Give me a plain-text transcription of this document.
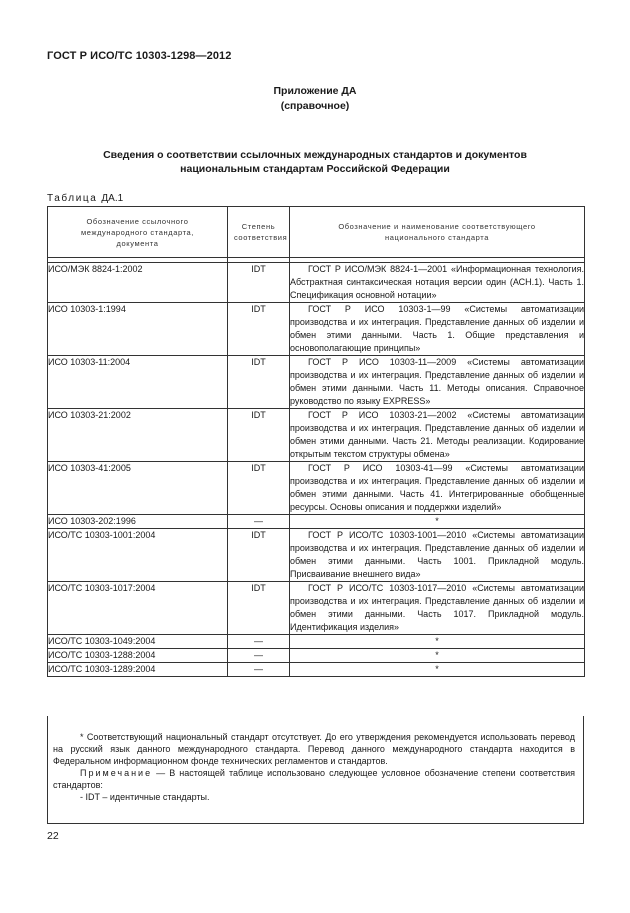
ГОСТ Р ИСО/ТС 10303-1298—2012
Приложение ДА
(справочное)
Сведения о соответствии ссылочных международных стандартов и документов
национальным стандартам Российской Федерации
Таблица ДА.1
Обозначение ссылочного международного стандарта, документа	Степень соответствия	Обозначение и наименование соответствующего национального стандарта

ИСО/МЭК 8824-1:2002	IDT	ГОСТ Р ИСО/МЭК 8824-1—2001 «Информационная технология. Абстрактная синтаксическая нотация версии один (АСН.1). Часть 1. Спецификация основной нотации»
ИСО 10303-1:1994	IDT	ГОСТ Р ИСО 10303-1—99 «Системы автоматизации производства и их интеграция. Представление данных об изделии и обмен этими данными. Часть 1. Общие представления и основополагающие принципы»
ИСО 10303-11:2004	IDT	ГОСТ Р ИСО 10303-11—2009 «Системы автоматизации производства и их интеграция. Представление данных об изделии и обмен этими данными. Часть 11. Методы описания. Справочное руководство по языку EXPRESS»
ИСО 10303-21:2002	IDT	ГОСТ Р ИСО 10303-21—2002 «Системы автоматизации производства и их интеграция. Представление данных об изделии и обмен этими данными. Часть 21. Методы реализации. Кодирование открытым текстом структуры обмена»
ИСО 10303-41:2005	IDT	ГОСТ Р ИСО 10303-41—99 «Системы автоматизации производства и их интеграция. Представление данных об изделии и обмен этими данными. Часть 41. Интегрированные обобщенные ресурсы. Основы описания и поддержки изделий»
ИСО 10303-202:1996	—	*
ИСО/ТС 10303-1001:2004	IDT	ГОСТ Р ИСО/ТС 10303-1001—2010 «Системы автоматизации производства и их интеграция. Представление данных об изделии и обмен этими данными. Часть 1001. Прикладной модуль. Присваивание внешнего вида»
ИСО/ТС 10303-1017:2004	IDT	ГОСТ Р ИСО/ТС 10303-1017—2010 «Системы автоматизации производства и их интеграция. Представление данных об изделии и обмен этими данными. Часть 1017. Прикладной модуль. Идентификация изделия»
ИСО/ТС 10303-1049:2004	—	*
ИСО/ТС 10303-1288:2004	—	*
ИСО/ТС 10303-1289:2004	—	*

* Соответствующий национальный стандарт отсутствует. До его утверждения рекомендуется использовать перевод на русский язык данного международного стандарта. Перевод данного международного стандарта находится в Федеральном информационном фонде технических регламентов и стандартов.

Примечание — В настоящей таблице использовано следующее условное обозначение степени соответствия стандартов:

- IDT – идентичные стандарты.

22
